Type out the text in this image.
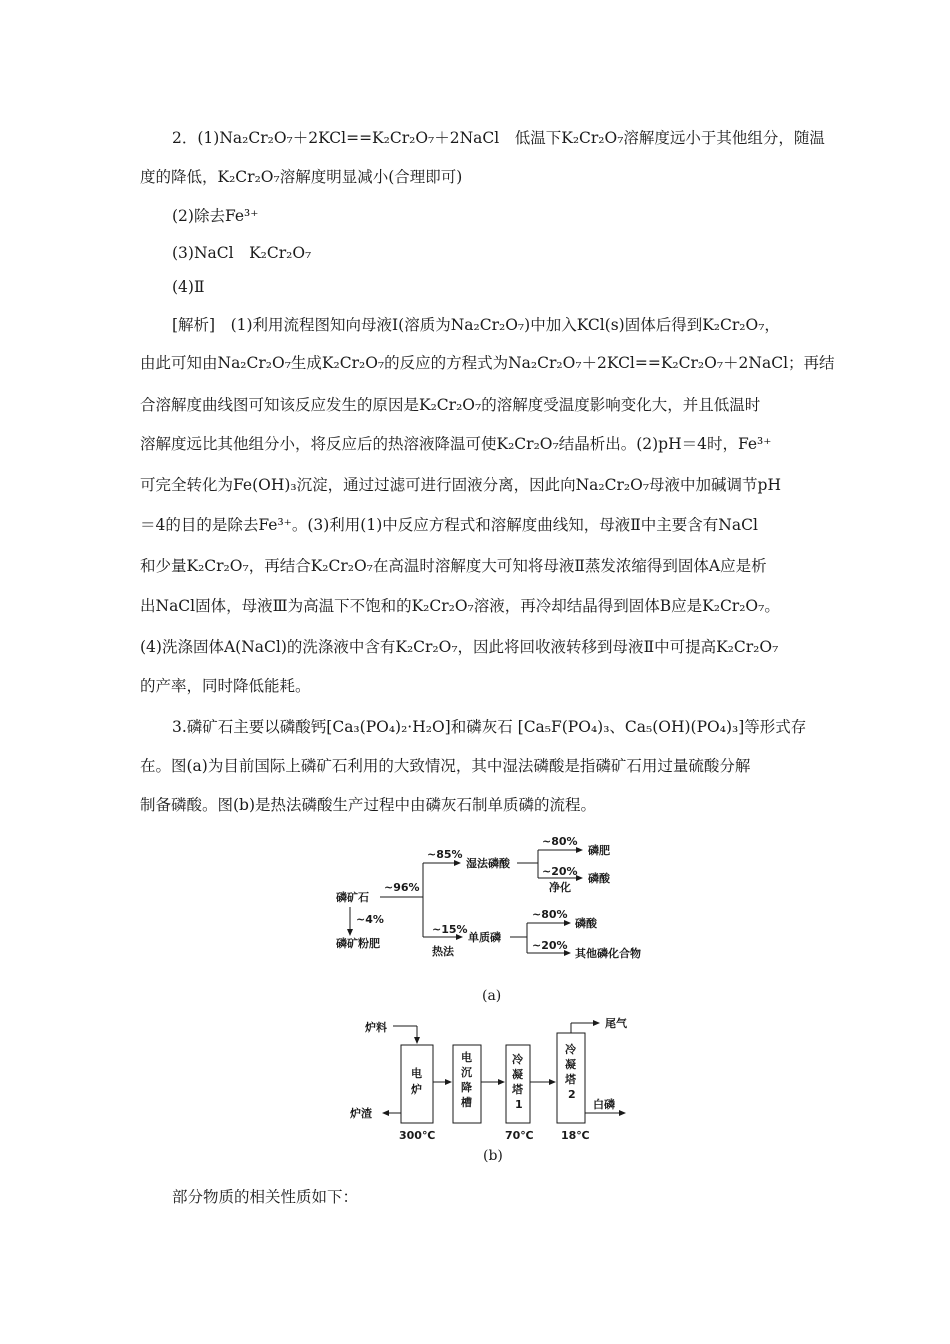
2．(1)Na₂Cr₂O₇＋2KCl==K₂Cr₂O₇＋2NaCl　低温下K₂Cr₂O₇溶解度远小于其他组分，随温
度的降低，K₂Cr₂O₇溶解度明显减小(合理即可)
(2)除去Fe³⁺
(3)NaCl　K₂Cr₂O₇
(4)Ⅱ
[解析]　(1)利用流程图知向母液Ⅰ(溶质为Na₂Cr₂O₇)中加入KCl(s)固体后得到K₂Cr₂O₇，
由此可知由Na₂Cr₂O₇生成K₂Cr₂O₇的反应的方程式为Na₂Cr₂O₇＋2KCl==K₂Cr₂O₇＋2NaCl；再结
合溶解度曲线图可知该反应发生的原因是K₂Cr₂O₇的溶解度受温度影响变化大，并且低温时
溶解度远比其他组分小，将反应后的热溶液降温可使K₂Cr₂O₇结晶析出。(2)pH＝4时，Fe³⁺
可完全转化为Fe(OH)₃沉淀，通过过滤可进行固液分离，因此向Na₂Cr₂O₇母液中加碱调节pH
＝4的目的是除去Fe³⁺。(3)利用(1)中反应方程式和溶解度曲线知，母液Ⅱ中主要含有NaCl
和少量K₂Cr₂O₇，再结合K₂Cr₂O₇在高温时溶解度大可知将母液Ⅱ蒸发浓缩得到固体A应是析
出NaCl固体，母液Ⅲ为高温下不饱和的K₂Cr₂O₇溶液，再冷却结晶得到固体B应是K₂Cr₂O₇。
(4)洗涤固体A(NaCl)的洗涤液中含有K₂Cr₂O₇，因此将回收液转移到母液Ⅱ中可提高K₂Cr₂O₇
的产率，同时降低能耗。
3.磷矿石主要以磷酸钙[Ca₃(PO₄)₂·H₂O]和磷灰石 [Ca₅F(PO₄)₃、Ca₅(OH)(PO₄)₃]等形式存
在。图(a)为目前国际上磷矿石利用的大致情况，其中湿法磷酸是指磷矿石用过量硫酸分解
制备磷酸。图(b)是热法磷酸生产过程中由磷灰石制单质磷的流程。
磷矿石
~96%
~4%
磷矿粉肥
~85%
湿法磷酸
~80%
磷肥
~20%
净化
磷酸
~15%
热法
单质磷
~80%
磷酸
~20%
其他磷化合物
(a)
炉料
电
炉
炉渣
300℃
电
沉
降
槽
冷
凝
塔
1
70℃
冷
凝
塔
2
18℃
尾气
白磷
(b)
部分物质的相关性质如下：
